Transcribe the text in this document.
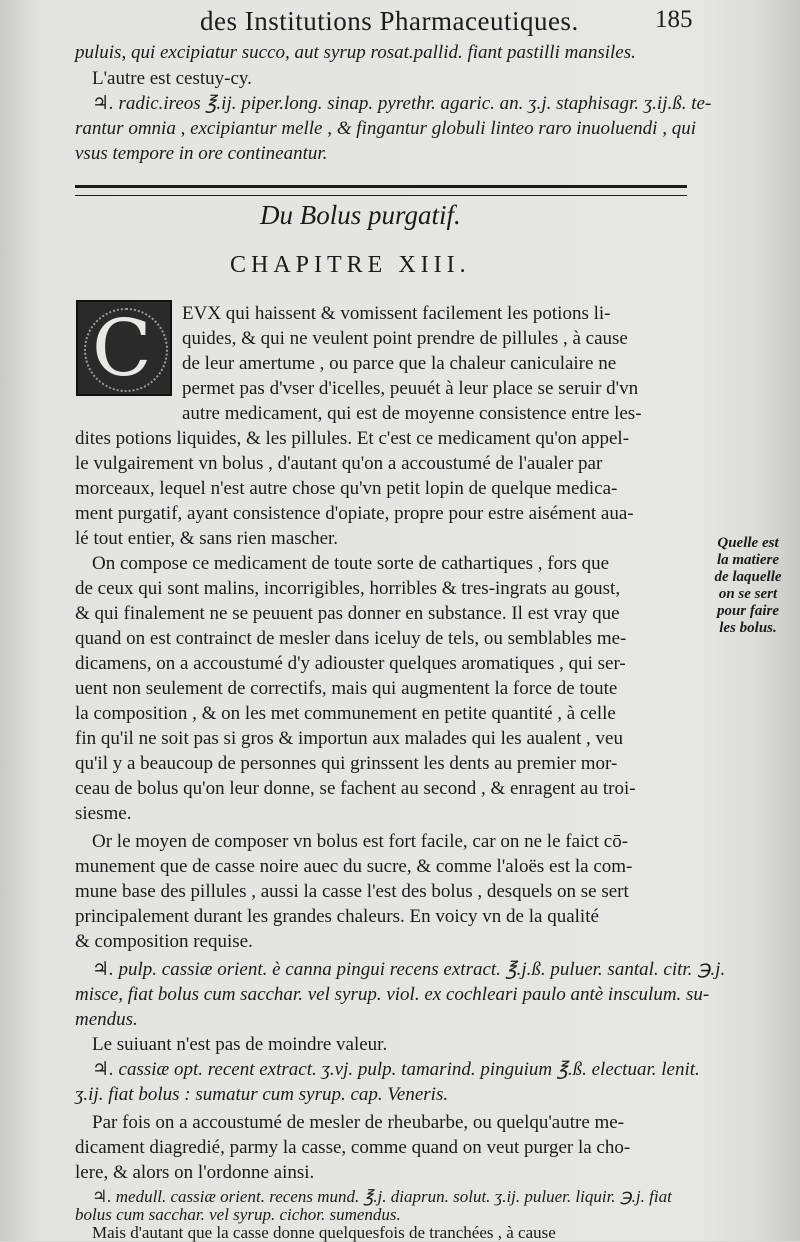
des Institutions Pharmaceutiques.	185
puluis, qui excipiatur succo, aut syrup rosat.pallid. fiant pastilli mansiles.
L'autre est cestuy-cy.
♃. radic.ireos ℥.ij. piper.long. sinap. pyrethr. agaric. an. ʒ.j. staphisagr. ʒ.ij.ß. te-
rantur omnia , excipiantur melle , & fingantur globuli linteo raro inuoluendi , qui
vsus tempore in ore contineantur.
Du Bolus purgatif.
CHAPITRE XIII.
C EVX qui haissent & vomissent facilement les potions li-
quides, & qui ne veulent point prendre de pillules , à cause
de leur amertume , ou parce que la chaleur caniculaire ne
permet pas d'vser d'icelles, peuuét à leur place se seruir d'vn
autre medicament, qui est de moyenne consistence entre les-
dites potions liquides, & les pillules. Et c'est ce medicament qu'on appel-
le vulgairement vn bolus , d'autant qu'on a accoustumé de l'aualer par
morceaux, lequel n'est autre chose qu'vn petit lopin de quelque medica-
ment purgatif, ayant consistence d'opiate, propre pour estre aisément aua-
lé tout entier, & sans rien mascher.
On compose ce medicament de toute sorte de cathartiques , fors que
de ceux qui sont malins, incorrigibles, horribles & tres-ingrats au goust,
& qui finalement ne se peuuent pas donner en substance. Il est vray que
quand on est contrainct de mesler dans iceluy de tels, ou semblables me-
dicamens, on a accoustumé d'y adiouster quelques aromatiques , qui ser-
uent non seulement de correctifs, mais qui augmentent la force de toute
la composition , & on les met communement en petite quantité , à celle
fin qu'il ne soit pas si gros & importun aux malades qui les aualent , veu
qu'il y a beaucoup de personnes qui grinssent les dents au premier mor-
ceau de bolus qu'on leur donne, se fachent au second , & enragent au troi-
siesme.
Or le moyen de composer vn bolus est fort facile, car on ne le faict cō-
munement que de casse noire auec du sucre, & comme l'aloës est la com-
mune base des pillules , aussi la casse l'est des bolus , desquels on se sert
principalement durant les grandes chaleurs. En voicy vn de la qualité
& composition requise.
♃. pulp. cassiæ orient. è canna pingui recens extract. ℥.j.ß. puluer. santal. citr. ℈.j.
misce, fiat bolus cum sacchar. vel syrup. viol. ex cochleari paulo antè insculum. su-
mendus.
Le suiuant n'est pas de moindre valeur.
♃. cassiæ opt. recent extract. ʒ.vj. pulp. tamarind. pinguium ℥.ß. electuar. lenit.
ʒ.ij. fiat bolus : sumatur cum syrup. cap. Veneris.
Par fois on a accoustumé de mesler de rheubarbe, ou quelqu'autre me-
dicament diagredié, parmy la casse, comme quand on veut purger la cho-
lere, & alors on l'ordonne ainsi.
♃. medull. cassiæ orient. recens mund. ℥.j. diaprun. solut. ʒ.ij. puluer. liquir. ℈.j. fiat
bolus cum sacchar. vel syrup. cichor. sumendus.
Mais d'autant que la casse donne quelquesfois de tranchées , à cause
Quelle est
la matiere
de laquelle
on se sert
pour faire
les bolus.
